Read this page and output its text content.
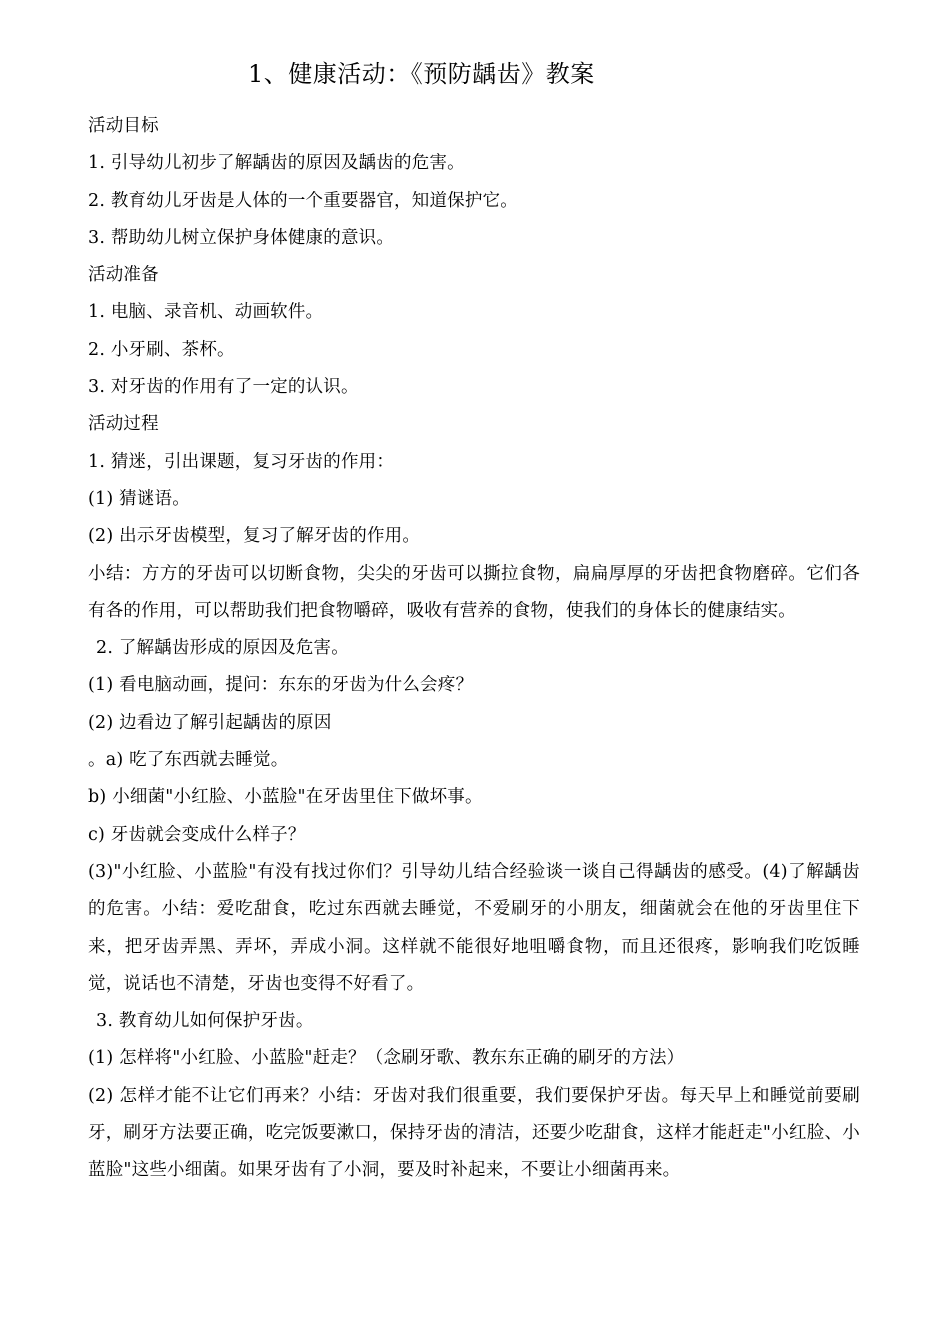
1、健康活动：《预防龋齿》教案
活动目标
1. 引导幼儿初步了解龋齿的原因及龋齿的危害。
2. 教育幼儿牙齿是人体的一个重要器官，知道保护它。
3. 帮助幼儿树立保护身体健康的意识。
活动准备
1. 电脑、录音机、动画软件。
2. 小牙刷、茶杯。
3. 对牙齿的作用有了一定的认识。
活动过程
1. 猜迷，引出课题，复习牙齿的作用：
(1) 猜谜语。
(2) 出示牙齿模型，复习了解牙齿的作用。
小结：方方的牙齿可以切断食物，尖尖的牙齿可以撕拉食物，扁扁厚厚的牙齿把食物磨碎。它们各有各的作用，可以帮助我们把食物嚼碎，吸收有营养的食物，使我们的身体长的健康结实。
2. 了解龋齿形成的原因及危害。
(1) 看电脑动画，提问：东东的牙齿为什么会疼？
(2) 边看边了解引起龋齿的原因
。a) 吃了东西就去睡觉。
b) 小细菌"小红脸、小蓝脸"在牙齿里住下做坏事。
c) 牙齿就会变成什么样子？
(3)"小红脸、小蓝脸"有没有找过你们？引导幼儿结合经验谈一谈自己得龋齿的感受。(4)了解龋齿的危害。小结：爱吃甜食，吃过东西就去睡觉，不爱刷牙的小朋友，细菌就会在他的牙齿里住下来，把牙齿弄黑、弄坏，弄成小洞。这样就不能很好地咀嚼食物，而且还很疼，影响我们吃饭睡觉，说话也不清楚，牙齿也变得不好看了。
3. 教育幼儿如何保护牙齿。
(1) 怎样将"小红脸、小蓝脸"赶走？（念刷牙歌、教东东正确的刷牙的方法）
(2) 怎样才能不让它们再来？小结：牙齿对我们很重要，我们要保护牙齿。每天早上和睡觉前要刷牙，刷牙方法要正确，吃完饭要漱口，保持牙齿的清洁，还要少吃甜食，这样才能赶走"小红脸、小蓝脸"这些小细菌。如果牙齿有了小洞，要及时补起来，不要让小细菌再来。
